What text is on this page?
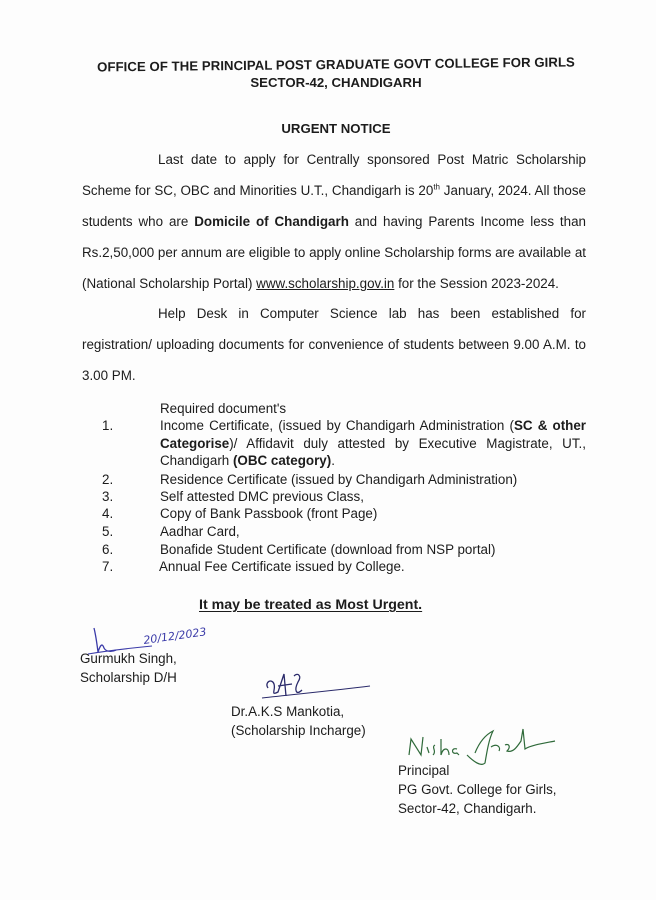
OFFICE OF THE PRINCIPAL POST GRADUATE GOVT COLLEGE FOR GIRLS
SECTOR-42, CHANDIGARH
URGENT NOTICE
Last date to apply for Centrally sponsored Post Matric Scholarship Scheme for SC, OBC and Minorities U.T., Chandigarh is 20th January, 2024. All those students who are Domicile of Chandigarh and having Parents Income less than Rs.2,50,000 per annum are eligible to apply online Scholarship forms are available at (National Scholarship Portal) www.scholarship.gov.in for the Session 2023-2024.
Help Desk in Computer Science lab has been established for registration/ uploading documents for convenience of students between 9.00 A.M. to 3.00 PM.
Required document's
1.	Income Certificate, (issued by Chandigarh Administration (SC & other Categorise)/ Affidavit duly attested by Executive Magistrate, UT., Chandigarh (OBC category).
2.	Residence Certificate (issued by Chandigarh Administration)
3.	Self attested DMC previous Class,
4.	Copy of Bank Passbook (front Page)
5.	Aadhar Card,
6.	Bonafide Student Certificate (download from NSP portal)
7.	Annual Fee Certificate issued by College.
It may be treated as Most Urgent.
20/12/2023
Gurmukh Singh,
Scholarship D/H
Dr.A.K.S Mankotia,
(Scholarship Incharge)
Principal
PG Govt. College for Girls,
Sector-42, Chandigarh.
